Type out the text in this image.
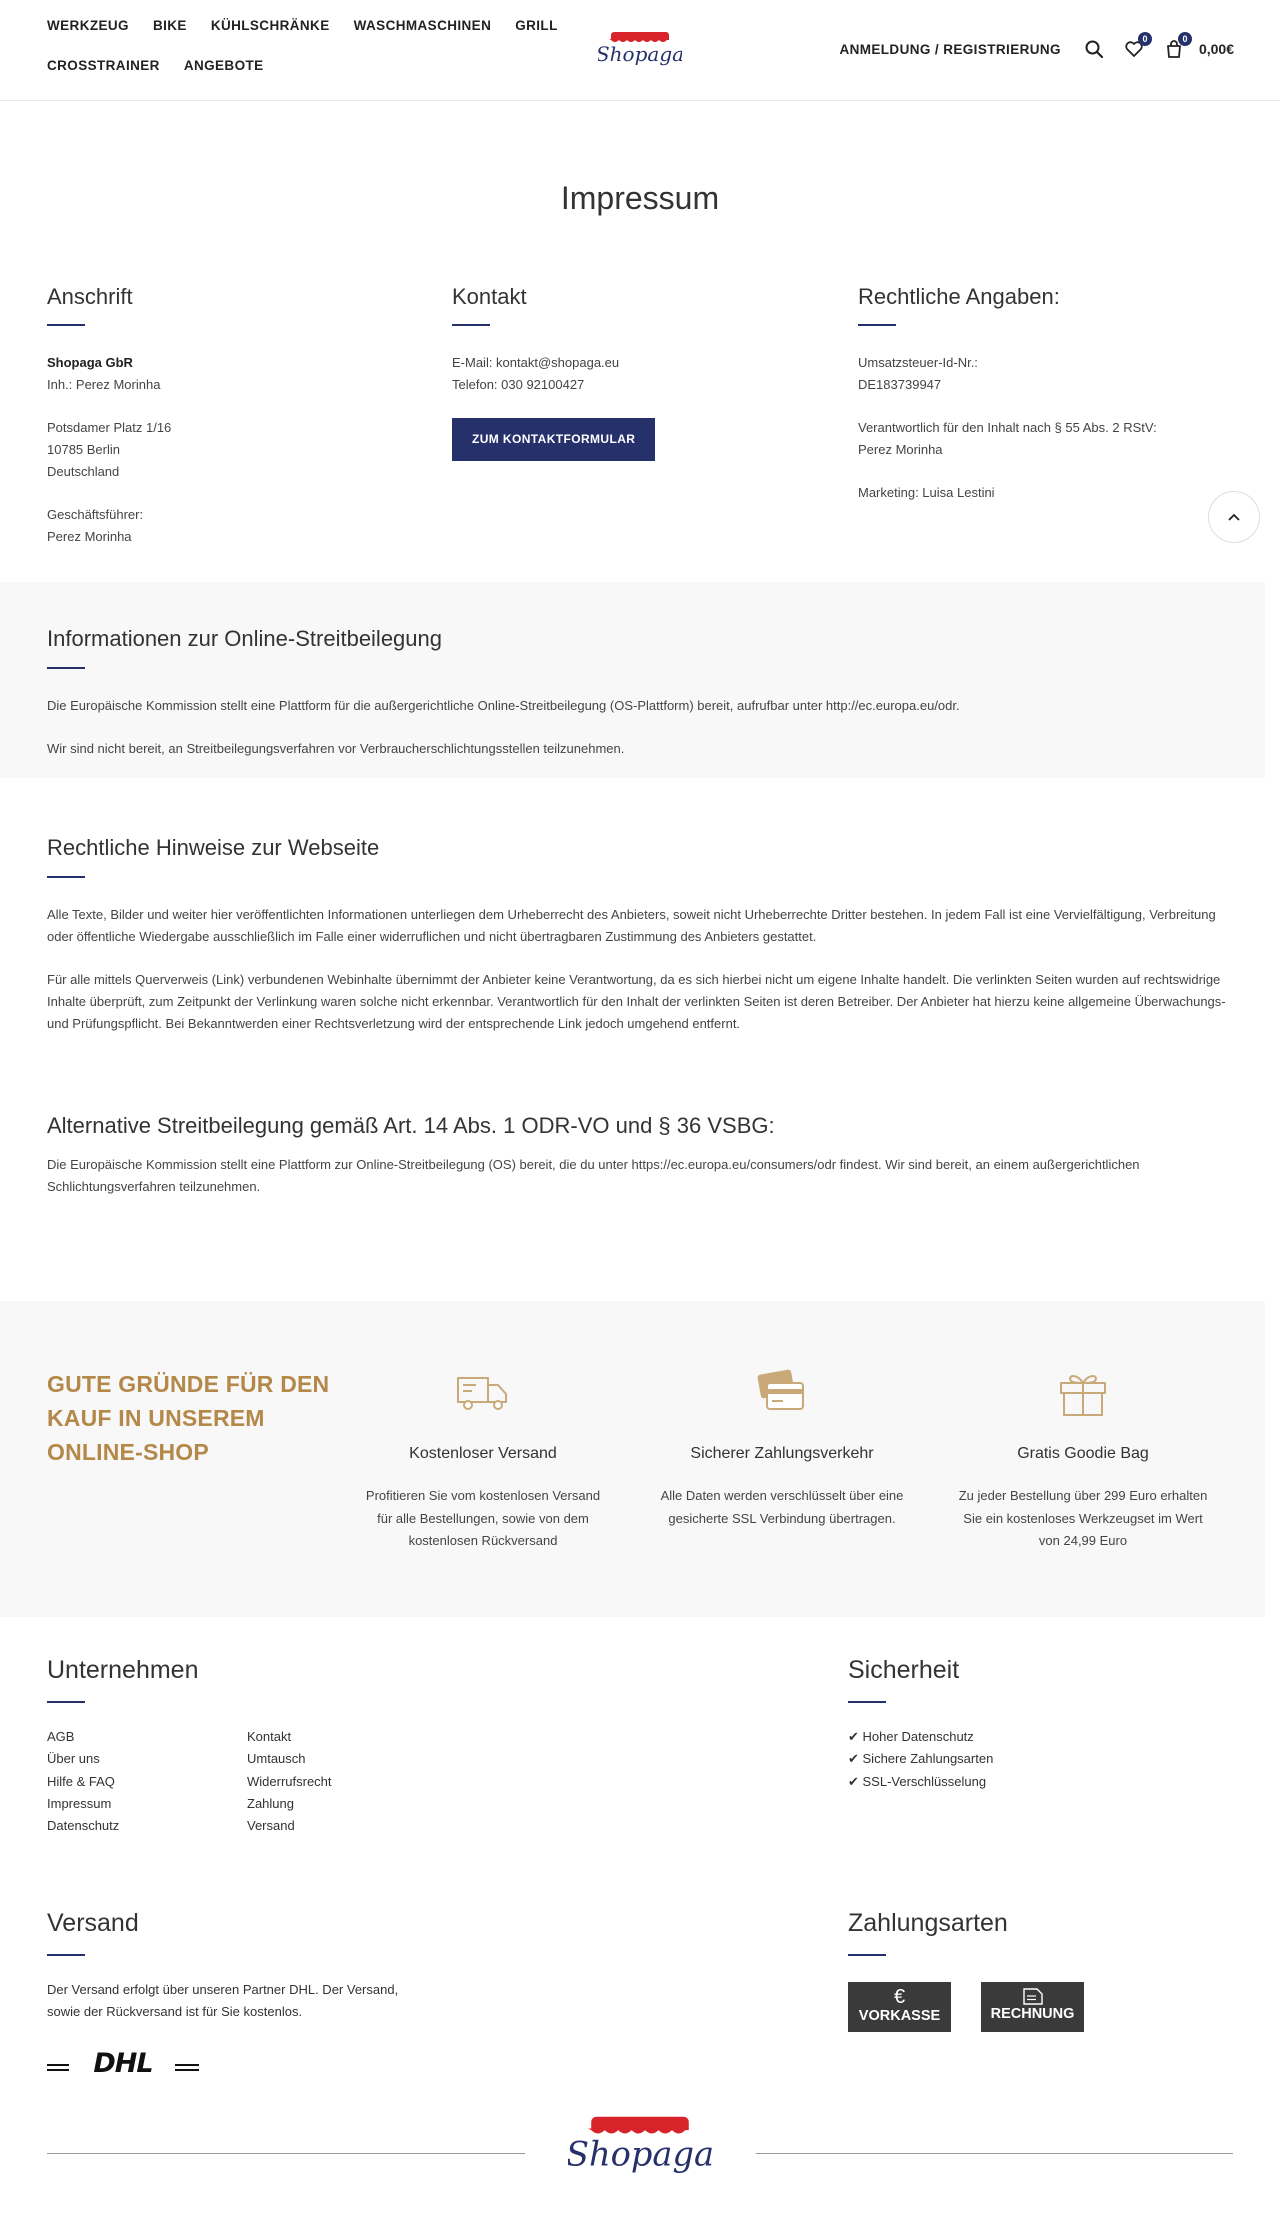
WERKZEUG BIKE KÜHLSCHRÄNKE WASCHMASCHINEN GRILL
CROSSTRAINER ANGEBOTE	Shopaga	ANMELDUNG / REGISTRIERUNG
0	0
0,00€
Impressum
Anschrift

Shopaga GbR
Inh.: Perez Morinha

Potsdamer Platz 1/16
10785 Berlin
Deutschland

Geschäftsführer:
Perez Morinha

Kontakt

E-Mail: kontakt@shopaga.eu
Telefon: 030 92100427

ZUM KONTAKTFORMULAR
Rechtliche Angaben:

Umsatzsteuer-Id-Nr.:
DE183739947

Verantwortlich für den Inhalt nach § 55 Abs. 2 RStV:
Perez Morinha

Marketing: Luisa Lestini

Informationen zur Online-Streitbeilegung

Die Europäische Kommission stellt eine Plattform für die außergerichtliche Online-Streitbeilegung (OS-Plattform) bereit, aufrufbar unter http://ec.europa.eu/odr.

Wir sind nicht bereit, an Streitbeilegungsverfahren vor Verbraucherschlichtungsstellen teilzunehmen.

Rechtliche Hinweise zur Webseite

Alle Texte, Bilder und weiter hier veröffentlichten Informationen unterliegen dem Urheberrecht des Anbieters, soweit nicht Urheberrechte Dritter bestehen. In jedem Fall ist eine Vervielfältigung, Verbreitung oder öffentliche Wiedergabe ausschließlich im Falle einer widerruflichen und nicht übertragbaren Zustimmung des Anbieters gestattet.

Für alle mittels Querverweis (Link) verbundenen Webinhalte übernimmt der Anbieter keine Verantwortung, da es sich hierbei nicht um eigene Inhalte handelt. Die verlinkten Seiten wurden auf rechtswidrige Inhalte überprüft, zum Zeitpunkt der Verlinkung waren solche nicht erkennbar. Verantwortlich für den Inhalt der verlinkten Seiten ist deren Betreiber. Der Anbieter hat hierzu keine allgemeine Überwachungs- und Prüfungspflicht. Bei Bekanntwerden einer Rechtsverletzung wird der entsprechende Link jedoch umgehend entfernt.

Alternative Streitbeilegung gemäß Art. 14 Abs. 1 ODR-VO und § 36 VSBG:

Die Europäische Kommission stellt eine Plattform zur Online-Streitbeilegung (OS) bereit, die du unter https://ec.europa.eu/consumers/odr findest. Wir sind bereit, an einem außergerichtlichen Schlichtungsverfahren teilzunehmen.

GUTE GRÜNDE FÜR DEN KAUF IN UNSEREM ONLINE-SHOP	Kostenloser Versand

Profitieren Sie vom kostenlosen Versand für alle Bestellungen, sowie von dem kostenlosen Rückversand

Sicherer Zahlungsverkehr

Alle Daten werden verschlüsselt über eine gesicherte SSL Verbindung übertragen.

Gratis Goodie Bag

Zu jeder Bestellung über 299 Euro erhalten Sie ein kostenloses Werkzeugset im Wert von 24,99 Euro

Unternehmen
AGB
Über uns
Hilfe & FAQ
Impressum
Datenschutz
Kontakt
Umtausch
Widerrufsrecht
Zahlung
Versand
Sicherheit
✔ Hoher Datenschutz
✔ Sichere Zahlungsarten
✔ SSL-Verschlüsselung
Versand

Der Versand erfolgt über unseren Partner DHL. Der Versand, sowie der Rückversand ist für Sie kostenlos.

DHL
Zahlungsarten
€
VORKASSE	RECHNUNG
Shopaga
